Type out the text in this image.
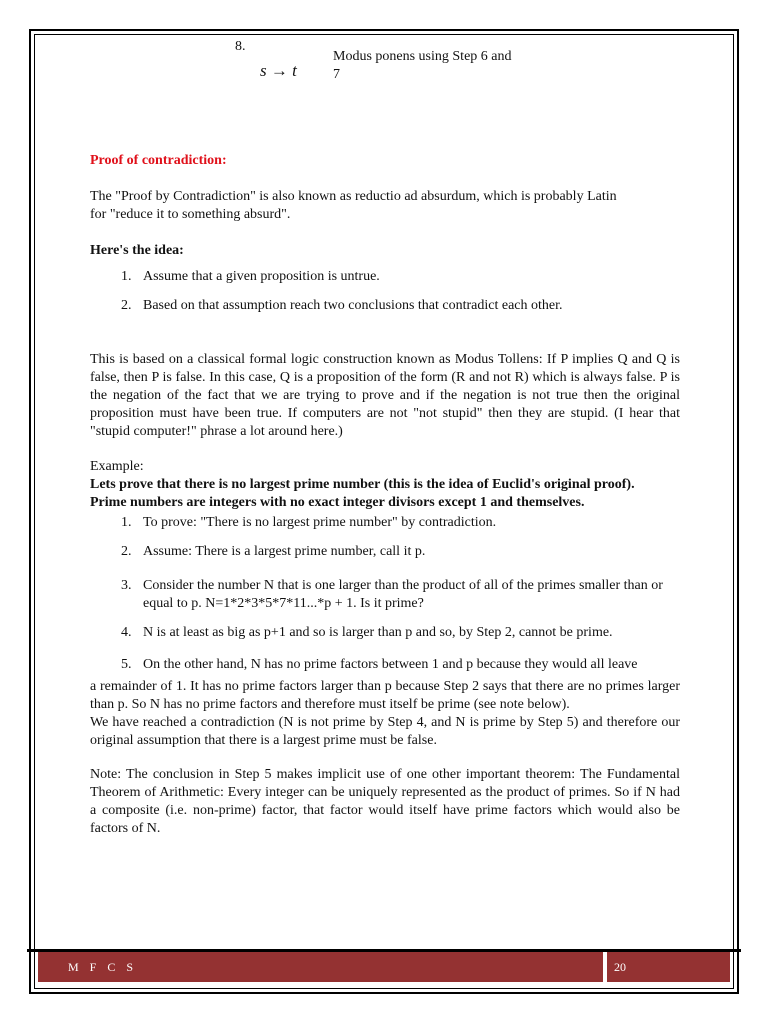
8.
s → t
Modus ponens using Step 6 and
7

Proof of contradiction:

The "Proof by Contradiction" is also known as reductio ad absurdum, which is probably Latin for "reduce it to something absurd".

Here's the idea:

1. Assume that a given proposition is untrue.
2. Based on that assumption reach two conclusions that contradict each other.

This is based on a classical formal logic construction known as Modus Tollens: If P implies Q and Q is false, then P is false. In this case, Q is a proposition of the form (R and not R) which is always false. P is the negation of the fact that we are trying to prove and if the negation is not true then the original proposition must have been true. If computers are not "not stupid" then they are stupid. (I hear that "stupid computer!" phrase a lot around here.)

Example:

Lets prove that there is no largest prime number (this is the idea of Euclid's original proof). Prime numbers are integers with no exact integer divisors except 1 and themselves.

1. To prove: "There is no largest prime number" by contradiction.
2. Assume: There is a largest prime number, call it p.
3. Consider the number N that is one larger than the product of all of the primes smaller than or equal to p. N=1*2*3*5*7*11...*p + 1. Is it prime?
4. N is at least as big as p+1 and so is larger than p and so, by Step 2, cannot be prime.
5. On the other hand, N has no prime factors between 1 and p because they would all leave

a remainder of 1. It has no prime factors larger than p because Step 2 says that there are no primes larger than p. So N has no prime factors and therefore must itself be prime (see note below).

We have reached a contradiction (N is not prime by Step 4, and N is prime by Step 5) and therefore our original assumption that there is a largest prime must be false.

Note: The conclusion in Step 5 makes implicit use of one other important theorem: The Fundamental Theorem of Arithmetic: Every integer can be uniquely represented as the product of primes. So if N had a composite (i.e. non-prime) factor, that factor would itself have prime factors which would also be factors of N.

M F C S	20
